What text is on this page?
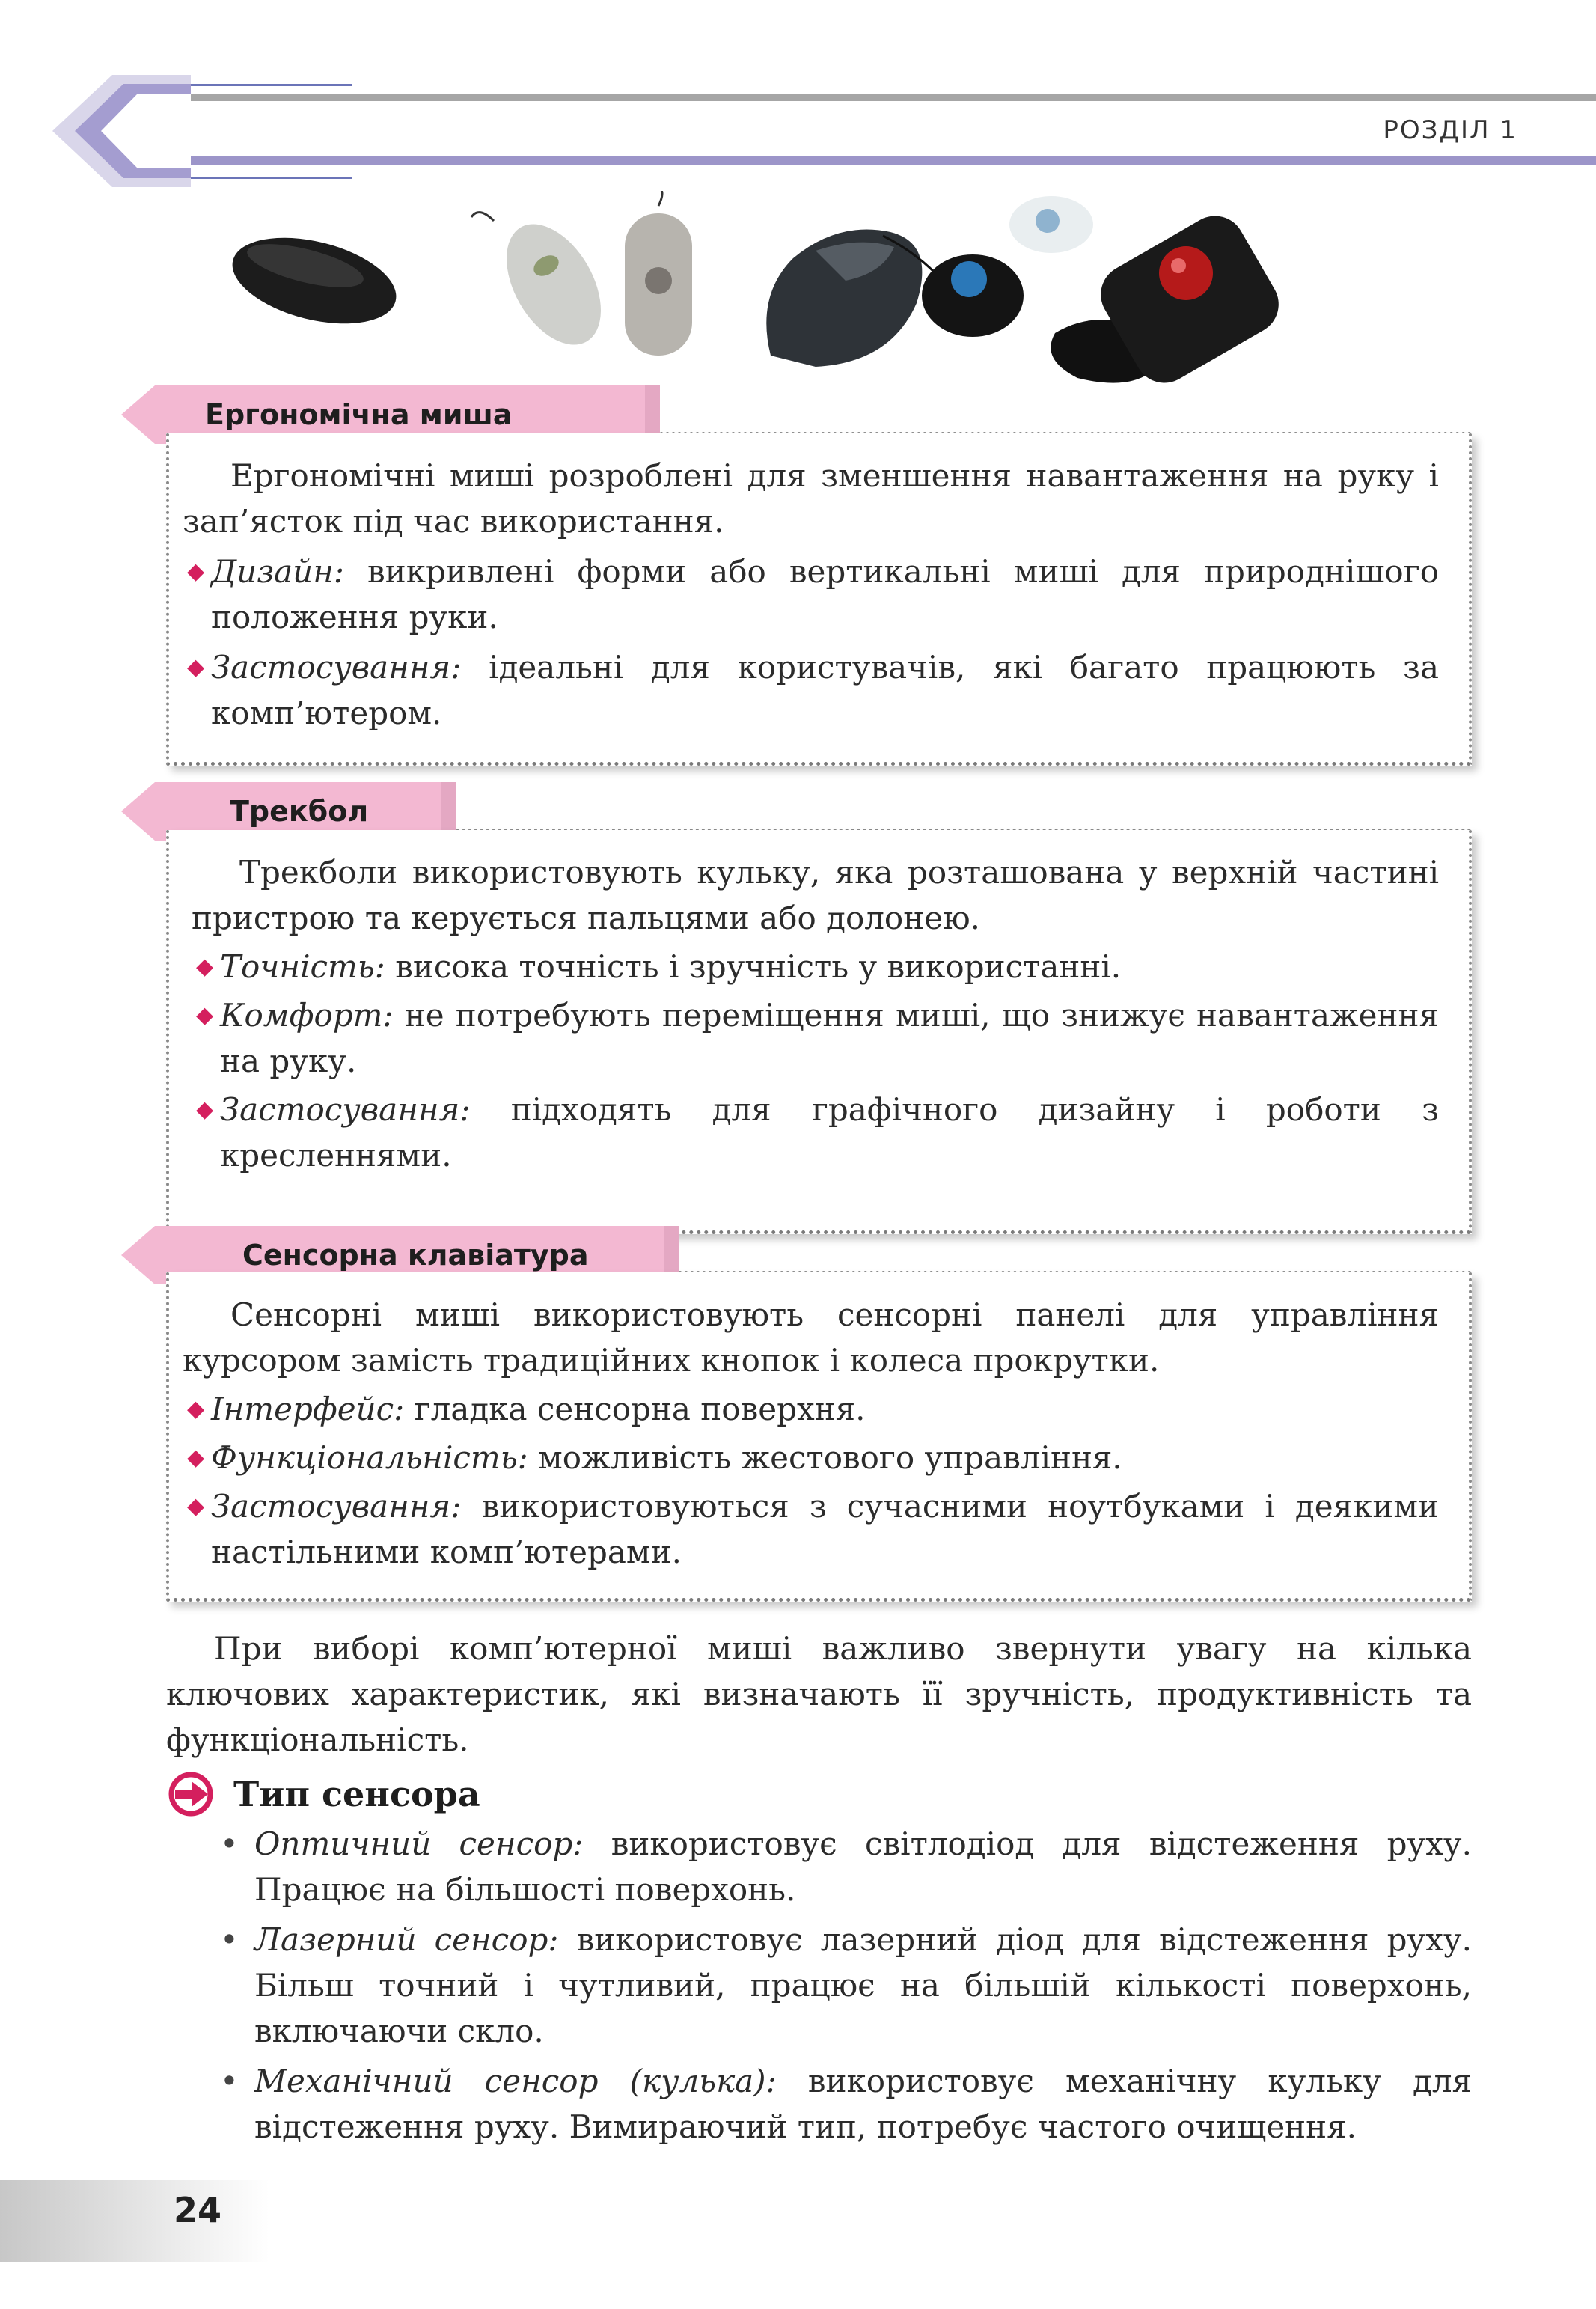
РОЗДІЛ 1
Ергономічна миша

Ергономічні миші розроблені для зменшення навантаження на руку і зап’ясток під час використання.

◆ Дизайн: викривлені форми або вертикальні миші для природнішого положення руки.

◆ Застосування: ідеальні для користувачів, які багато працюють за комп’ютером.

Трекбол

Трекболи використовують кульку, яка розташована у верхній частині пристрою та керується пальцями або долонею.

◆ Точність: висока точність і зручність у використанні.

◆ Комфорт: не потребують переміщення миші, що знижує навантаження на руку.

◆ Застосування: підходять для графічного дизайну і роботи з кресленнями.

Сенсорна клавіатура

Сенсорні миші використовують сенсорні панелі для управління курсором замість традиційних кнопок і колеса прокрутки.

◆ Інтерфейс: гладка сенсорна поверхня.

◆ Функціональність: можливість жестового управління.

◆ Застосування: використовуються з сучасними ноутбуками і деякими настільними комп’ютерами.

При виборі комп’ютерної миші важливо звернути увагу на кілька ключових характеристик, які визначають її зручність, продуктивність та функціональність.

Тип сенсора

• Оптичний сенсор: використовує світлодіод для відстеження руху. Працює на більшості поверхонь.

• Лазерний сенсор: використовує лазерний діод для відстеження руху. Більш точний і чутливий, працює на більшій кількості поверхонь, включаючи скло.

• Механічний сенсор (кулька): використовує механічну кульку для відстеження руху. Вимираючий тип, потребує частого очищення.

24
